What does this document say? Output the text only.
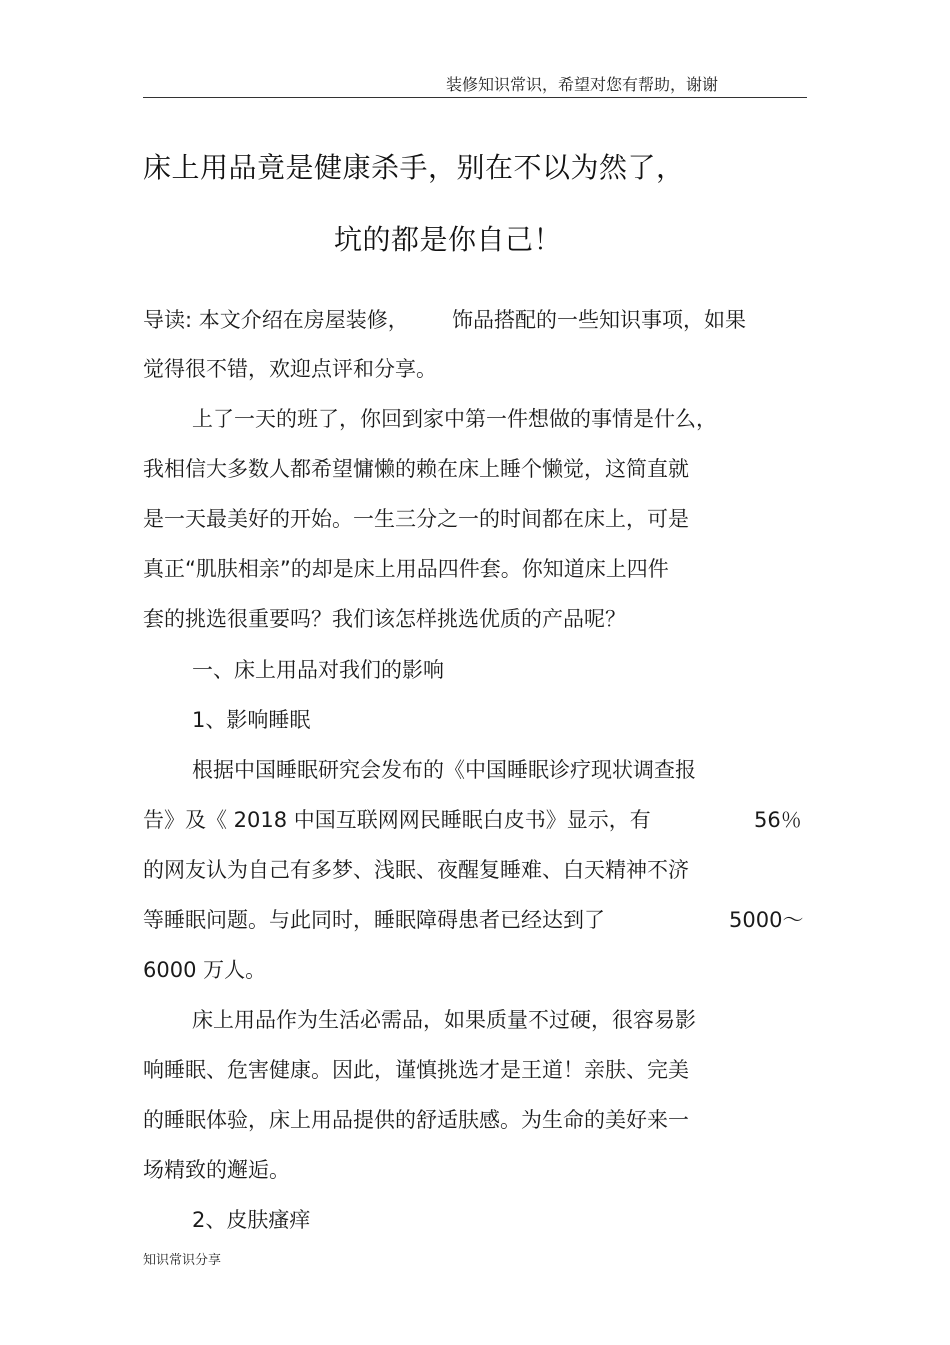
装修知识常识，希望对您有帮助，谢谢
床上用品竟是健康杀手，别在不以为然了，
坑的都是你自己！
导读: 本文介绍在房屋装修， 饰品搭配的一些知识事项，如果
觉得很不错，欢迎点评和分享。
上了一天的班了，你回到家中第一件想做的事情是什么，
我相信大多数人都希望慵懒的赖在床上睡个懒觉，这简直就
是一天最美好的开始。一生三分之一的时间都在床上，可是
真正“肌肤相亲”的却是床上用品四件套。你知道床上四件
套的挑选很重要吗？我们该怎样挑选优质的产品呢？
一、床上用品对我们的影响
1、影响睡眠
根据中国睡眠研究会发布的《中国睡眠诊疗现状调查报
告》及《 2018 中国互联网网民睡眠白皮书》显示，有	56％
的网友认为自己有多梦、浅眠、夜醒复睡难、白天精神不济
等睡眠问题。与此同时，睡眠障碍患者已经达到了	5000～
6000 万人。
床上用品作为生活必需品，如果质量不过硬，很容易影
响睡眠、危害健康。因此，谨慎挑选才是王道！亲肤、完美
的睡眠体验，床上用品提供的舒适肤感。为生命的美好来一
场精致的邂逅。
2、皮肤瘙痒
知识常识分享
